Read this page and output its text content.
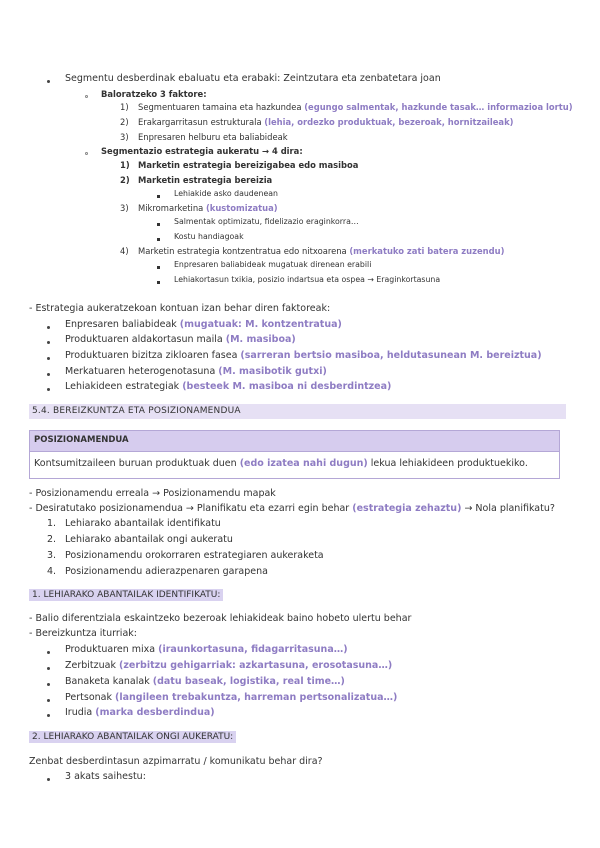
Segmentu desberdinak ebaluatu eta erabaki: Zeintzutara eta zenbatetara joan
Baloratzeko 3 faktore:
1) Segmentuaren tamaina eta hazkundea (egungo salmentak, hazkunde tasak… informazioa lortu)
2) Erakargarritasun estrukturala (lehia, ordezko produktuak, bezeroak, hornitzaileak)
3) Enpresaren helburu eta baliabideak
Segmentazio estrategia aukeratu → 4 dira:
1) Marketin estrategia bereizigabea edo masiboa
2) Marketin estrategia bereizia
Lehiakide asko daudenean
3) Mikromarketina (kustomizatua)
Salmentak optimizatu, fidelizazio eraginkorra…
Kostu handiagoak
4) Marketin estrategia kontzentratua edo nitxoarena (merkatuko zati batera zuzendu)
Enpresaren baliabideak mugatuak direnean erabili
Lehiakortasun txikia, posizio indartsua eta ospea → Eraginkortasuna
- Estrategia aukeratzekoan kontuan izan behar diren faktoreak:
Enpresaren baliabideak (mugatuak: M. kontzentratua)
Produktuaren aldakortasun maila (M. masiboa)
Produktuaren bizitza zikloaren fasea (sarreran bertsio masiboa, heldutasunean M. bereiztua)
Merkatuaren heterogenotasuna (M. masibotik gutxi)
Lehiakideen estrategiak (besteek M. masiboa ni desberdintzea)
5.4. BEREIZKUNTZA ETA POSIZIONAMENDUA
POSIZIONAMENDUA
Kontsumitzaileen buruan produktuak duen (edo izatea nahi dugun) lekua lehiakideen produktuekiko.
- Posizionamendu erreala → Posizionamendu mapak
- Desiratutako posizionamendua → Planifikatu eta ezarri egin behar (estrategia zehaztu) → Nola planifikatu?
1. Lehiarako abantailak identifikatu
2. Lehiarako abantailak ongi aukeratu
3. Posizionamendu orokorraren estrategiaren aukeraketa
4. Posizionamendu adierazpenaren garapena
1. LEHIARAKO ABANTAILAK IDENTIFIKATU:
- Balio diferentziala eskaintzeko bezeroak lehiakideak baino hobeto ulertu behar
- Bereizkuntza iturriak:
Produktuaren mixa (iraunkortasuna, fidagarritasuna…)
Zerbitzuak (zerbitzu gehigarriak: azkartasuna, erosotasuna…)
Banaketa kanalak (datu baseak, logistika, real time…)
Pertsonak (langileen trebakuntza, harreman pertsonalizatua…)
Irudia (marka desberdindua)
2. LEHIARAKO ABANTAILAK ONGI AUKERATU:
Zenbat desberdintasun azpimarratu / komunikatu behar dira?
3 akats saihestu:
